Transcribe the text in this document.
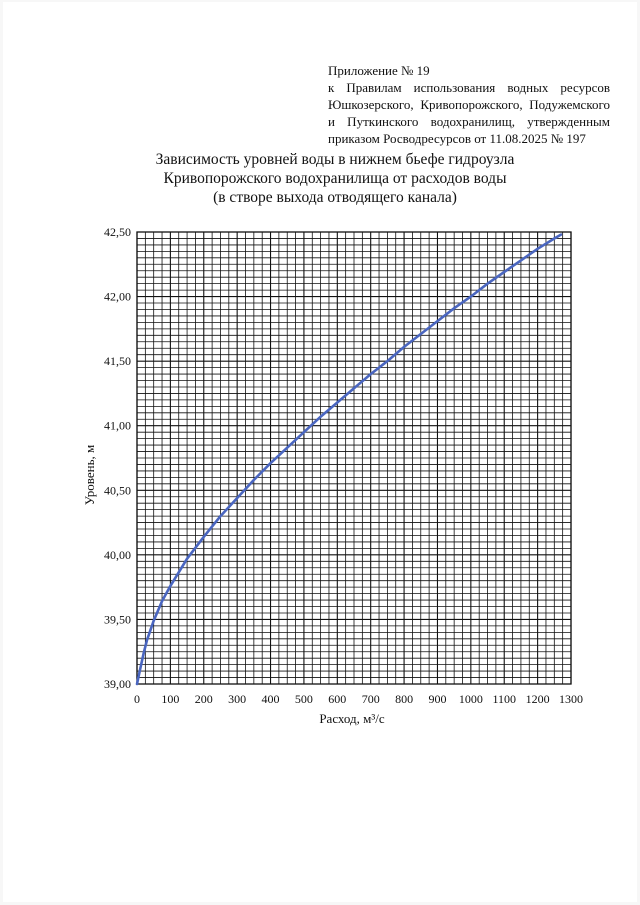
Приложение № 19
к Правилам использования водных ресурсов
Юшкозерского, Кривопорожского, Подужемского
и Путкинского водохранилищ, утвержденным
приказом Росводресурсов от 11.08.2025 № 197
Зависимость уровней воды в нижнем бьефе гидроузла
Кривопорожского водохранилища от расходов воды
(в створе выхода отводящего канала)
0 100 200 300 400 500 600 700 800 900 1000 1100 1200 1300
39,00
39,50
40,00
40,50
41,00
41,50
42,00
42,50
Расход, м³/с
Уровень, м
